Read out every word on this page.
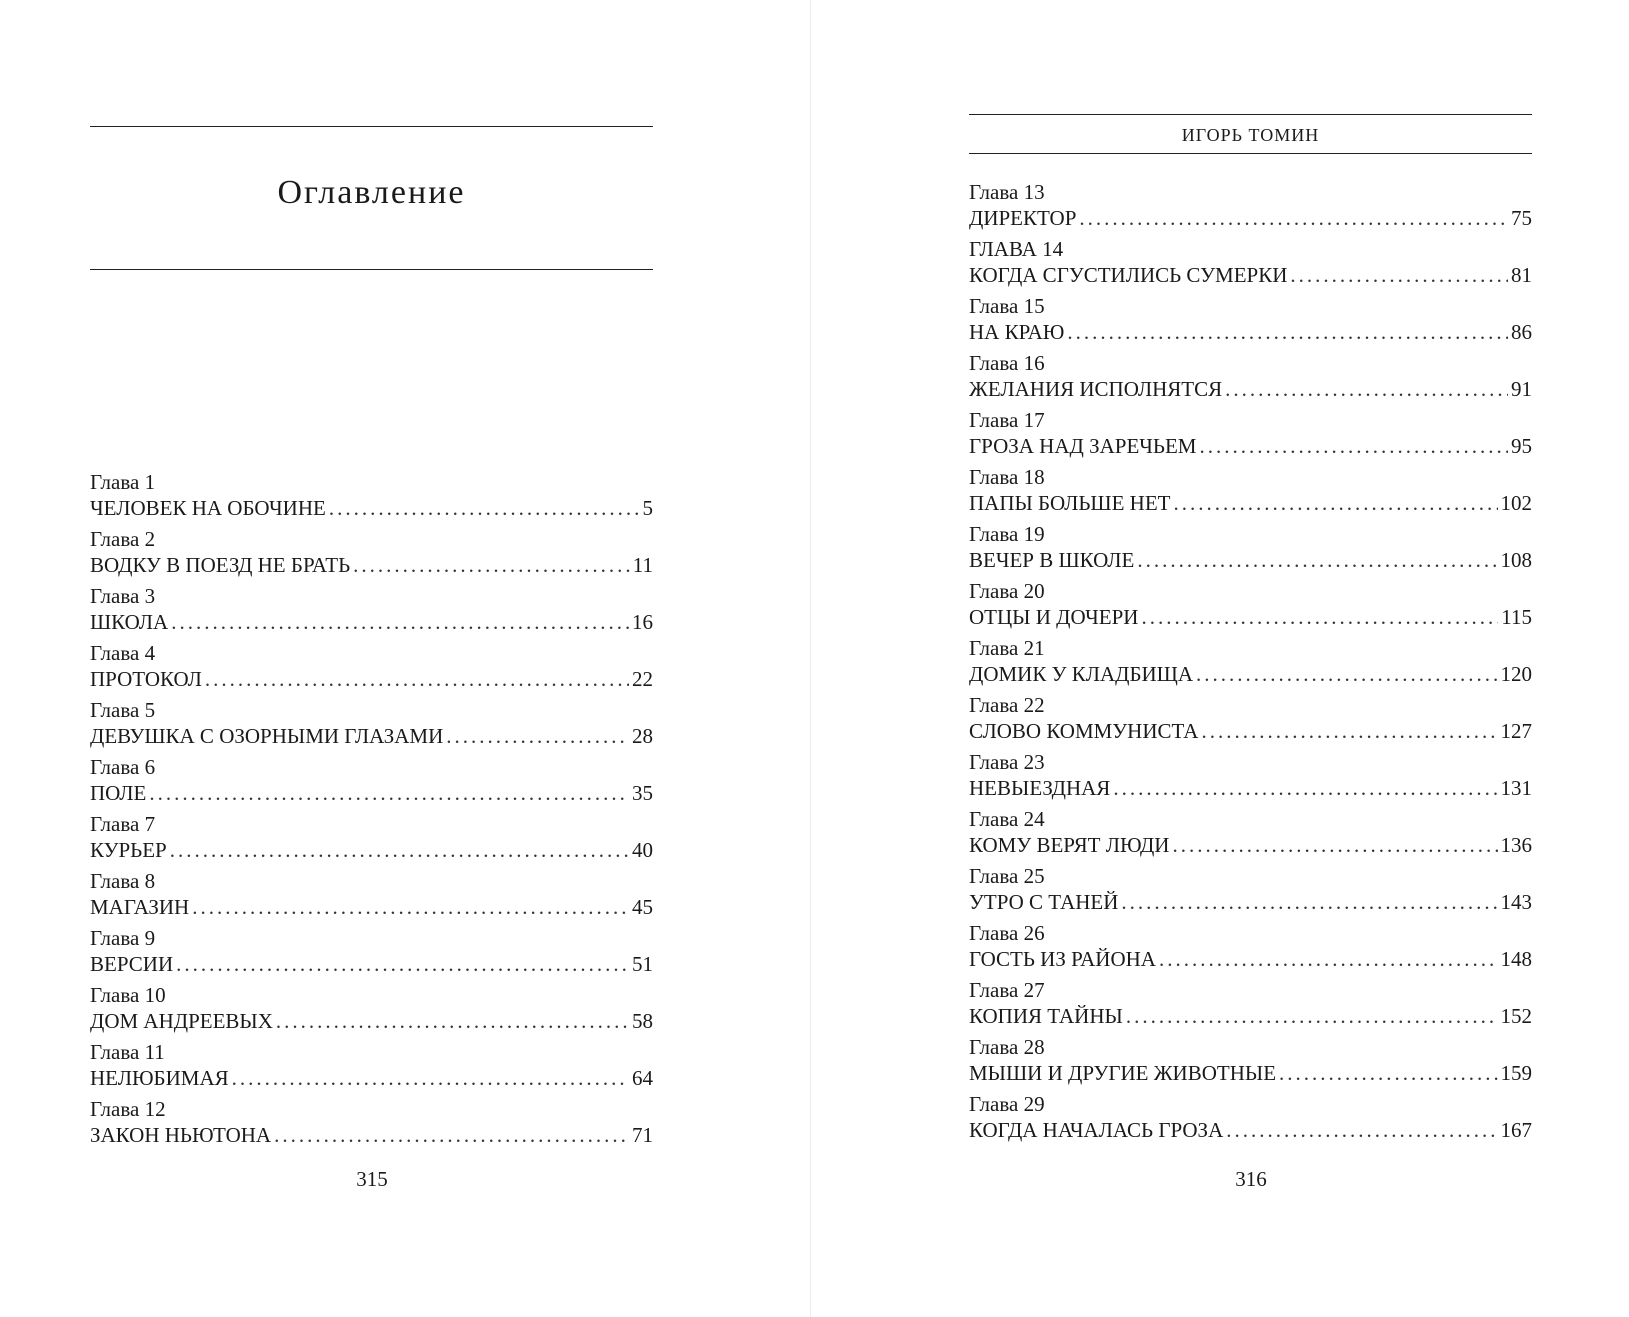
Оглавление
Глава 1
ЧЕЛОВЕК НА ОБОЧИНЕ .....	5
Глава 2
ВОДКУ В ПОЕЗД НЕ БРАТЬ .....	11
Глава 3
ШКОЛА .....	16
Глава 4
ПРОТОКОЛ .....	22
Глава 5
ДЕВУШКА С ОЗОРНЫМИ ГЛАЗАМИ .....	28
Глава 6
ПОЛЕ .....	35
Глава 7
КУРЬЕР .....	40
Глава 8
МАГАЗИН .....	45
Глава 9
ВЕРСИИ .....	51
Глава 10
ДОМ АНДРЕЕВЫХ .....	58
Глава 11
НЕЛЮБИМАЯ .....	64
Глава 12
ЗАКОН НЬЮТОНА .....	71
315
ИГОРЬ ТОМИН
Глава 13
ДИРЕКТОР .....	75
ГЛАВА 14
КОГДА СГУСТИЛИСЬ СУМЕРКИ .....	81
Глава 15
НА КРАЮ .....	86
Глава 16
ЖЕЛАНИЯ ИСПОЛНЯТСЯ .....	91
Глава 17
ГРОЗА НАД ЗАРЕЧЬЕМ .....	95
Глава 18
ПАПЫ БОЛЬШЕ НЕТ .....	102
Глава 19
ВЕЧЕР В ШКОЛЕ .....	108
Глава 20
ОТЦЫ И ДОЧЕРИ .....	115
Глава 21
ДОМИК У КЛАДБИЩА .....	120
Глава 22
СЛОВО КОММУНИСТА .....	127
Глава 23
НЕВЫЕЗДНАЯ .....	131
Глава 24
КОМУ ВЕРЯТ ЛЮДИ .....	136
Глава 25
УТРО С ТАНЕЙ .....	143
Глава 26
ГОСТЬ ИЗ РАЙОНА .....	148
Глава 27
КОПИЯ ТАЙНЫ .....	152
Глава 28
МЫШИ И ДРУГИЕ ЖИВОТНЫЕ .....	159
Глава 29
КОГДА НАЧАЛАСЬ ГРОЗА .....	167
316
